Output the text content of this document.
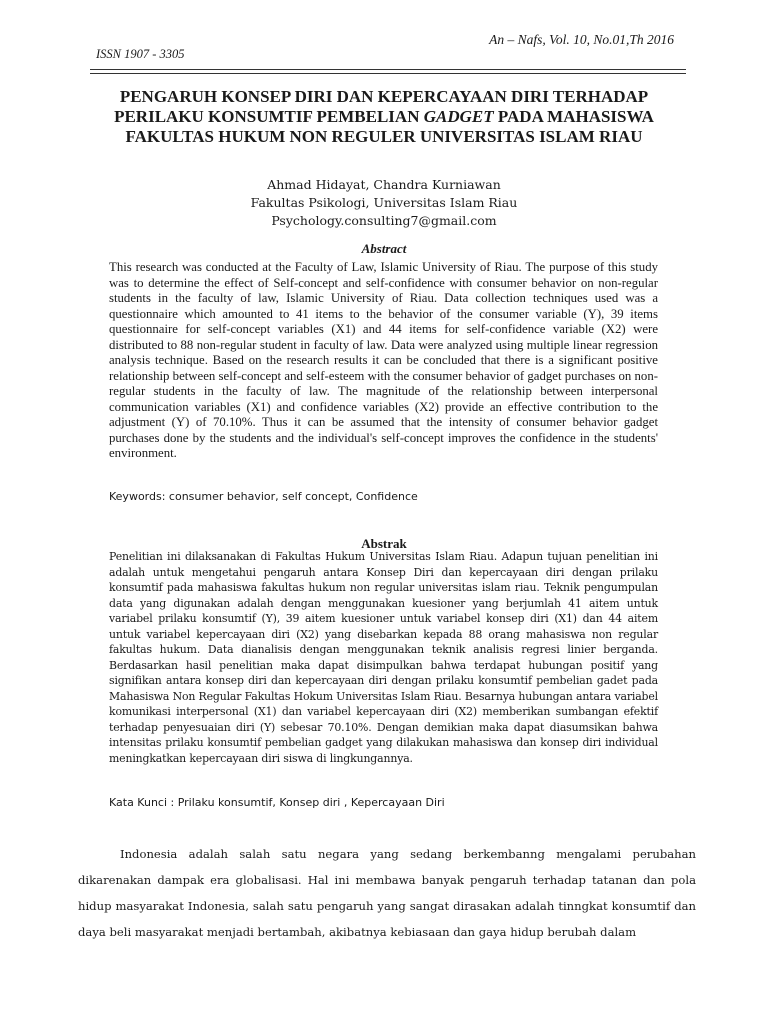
An – Nafs, Vol. 10, No.01,Th 2016
ISSN 1907 - 3305
PENGARUH KONSEP DIRI DAN KEPERCAYAAN DIRI TERHADAP PERILAKU KONSUMTIF PEMBELIAN GADGET PADA MAHASISWA FAKULTAS HUKUM NON REGULER UNIVERSITAS ISLAM RIAU
Ahmad Hidayat, Chandra Kurniawan
Fakultas Psikologi, Universitas Islam Riau
Psychology.consulting7@gmail.com
Abstract

This research was conducted at the Faculty of Law, Islamic University of Riau. The purpose of this study was to determine the effect of Self-concept and self-confidence with consumer behavior on non-regular students in the faculty of law, Islamic University of Riau. Data collection techniques used was a questionnaire which amounted to 41 items to the behavior of the consumer variable (Y), 39 items questionnaire for self-concept variables (X1) and 44 items for self-confidence variable (X2) were distributed to 88 non-regular student in faculty of law. Data were analyzed using multiple linear regression analysis technique. Based on the research results it can be concluded that there is a significant positive relationship between self-concept and self-esteem with the consumer behavior of gadget purchases on non-regular students in the faculty of law. The magnitude of the relationship between interpersonal communication variables (X1) and confidence variables (X2) provide an effective contribution to the adjustment (Y) of 70.10%. Thus it can be assumed that the intensity of consumer behavior gadget purchases done by the students and the individual's self-concept improves the confidence in the students' environment.

Keywords: consumer behavior, self concept, Confidence
Abstrak

Penelitian ini dilaksanakan di Fakultas Hukum Universitas Islam Riau. Adapun tujuan penelitian ini adalah untuk mengetahui pengaruh antara Konsep Diri dan kepercayaan diri dengan prilaku konsumtif pada mahasiswa fakultas hukum non regular universitas islam riau. Teknik pengumpulan data yang digunakan adalah dengan menggunakan kuesioner yang berjumlah 41 aitem untuk variabel prilaku konsumtif (Y), 39 aitem kuesioner untuk variabel konsep diri (X1) dan 44 aitem untuk variabel kepercayaan diri (X2) yang disebarkan kepada 88 orang mahasiswa non regular fakultas hukum. Data dianalisis dengan menggunakan teknik analisis regresi linier berganda. Berdasarkan hasil penelitian maka dapat disimpulkan bahwa terdapat hubungan positif yang signifikan antara konsep diri dan kepercayaan diri dengan prilaku konsumtif pembelian gadet pada Mahasiswa Non Regular Fakultas Hokum Universitas Islam Riau. Besarnya hubungan antara variabel komunikasi interpersonal (X1) dan variabel kepercayaan diri (X2) memberikan sumbangan efektif terhadap penyesuaian diri (Y) sebesar 70.10%. Dengan demikian maka dapat diasumsikan bahwa intensitas prilaku konsumtif pembelian gadget yang dilakukan mahasiswa dan konsep diri individual meningkatkan kepercayaan diri siswa di lingkungannya.

Kata Kunci : Prilaku konsumtif, Konsep diri , Kepercayaan Diri

Indonesia adalah salah satu negara yang sedang berkembanng mengalami perubahan dikarenakan dampak era globalisasi. Hal ini membawa banyak pengaruh terhadap tatanan dan pola hidup masyarakat Indonesia, salah satu pengaruh yang sangat dirasakan adalah tinngkat konsumtif dan daya beli masyarakat menjadi bertambah, akibatnya kebiasaan dan gaya hidup berubah dalam
